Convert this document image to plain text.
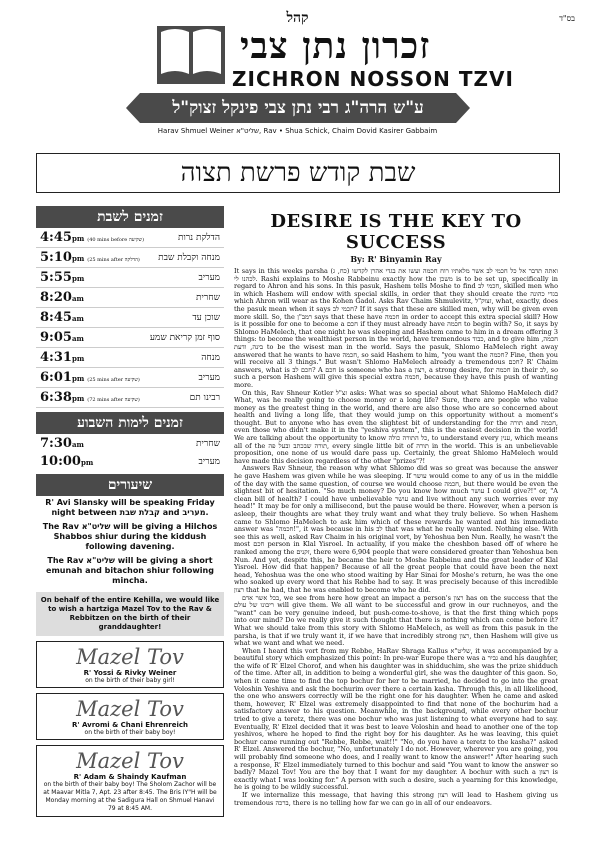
בס"ד
קהל
זכרון נתן צבי
ZICHRON NOSSON TZVI
ע"ש הרה"ג רבי נתן צבי פינקל זצוק"ל
Harav Shmuel Weiner שליט"א, Rav • Shua Schick, Chaim Dovid Kasirer Gabbaim
שבת קודש פרשת תצוה
זמנים לשבת
4:45pm (40 mins before שקיעה)	הדלקת נרות
5:10pm (25 mins after הדלקה) מנחה וקבלת שבת
5:55pm	מעריב
8:20am	שחרית
8:45am	שוכן עד
9:05am	סוף זמן קריאת שמע
4:31pm	מנחה
6:01pm (25 mins after שקיעה)	מעריב
6:38pm (72 mins after שקיעה)	רבינו תם
זמנים לימות השבוע
7:30am	שחרית
10:00pm	מעריב
שיעורים

R' Avi Slansky will be speaking Friday night between קבלת שבת and מעריב.

The Rav שליט"א will be giving a Hilchos Shabbos shiur during the kiddush following davening.

The Rav שליט"א will be giving a short emunah and bitachon shiur following mincha.

On behalf of the entire Kehilla, we would like to wish a hartziga Mazel Tov to the Rav & Rebbitzen on the birth of their granddaughter!
Mazel Tov
R' Yossi & Rivky Weiner
on the birth of their baby girl!
Mazel Tov
R' Avromi & Chani Ehrenreich
on the birth of their baby boy!
Mazel Tov
R' Adam & Shaindy Kaufman
on the birth of their baby boy! The Sholom Zachor will be at Maavar Mitla 7, Apt. 23 after 8:45. The Bris IY"H will be Monday morning at the Sadigura Hall on Shmuel Hanavi 79 at 8:45 AM.
DESIRE IS THE KEY TO SUCCESS
By: R' Binyamin Ray

It says in this weeks parsha (כח, ג) ואתה תדבר אל כל חכמי לב אשר מלאתיו רוח חכמה ועשו את בגדי אהרן לקדשו לכהנו לי. Rashi explains to Moshe Rabbeinu exactly how the משכן is to be set up, specifically in regard to Ahron and his sons. In this pasuk, Hashem tells Moshe to find חכמי לב, skilled men who in which Hashem will endow with special skills, in order that they should create the בגדי כהונה which Ahron will wear as the Kohen Gadol. Asks Rav Chaim Shmulevitz, זצוק"ל, what, exactly, does the pasuk mean when it says חכמי לב? If it says that these are skilled men, why will be given even more skill. So, the רמב"ן says that these have חכמה in order to accept this extra special skill? How is it possible for one to become a חכם if they must already have חכמה to begin with? So, it says by Shlomo HaMelech, that one night he was sleeping and Hashem came to him in a dream offering 3 things: to become the wealthiest person in the world, have tremendous כבוד, and to give him חכמה, בינה, ודעת to be the wisest man in the world. Says the pasuk, Shlomo HaMelech right away answered that he wants to have חכמה, so said Hashem to him, "you want the חכמה? Fine, then you will receive all 3 things." But wasn't Shlomo HaMelech already a tremendous חכם? R' Chaim answers, what is חכם לב? A חכם is someone who has a רצון, a strong desire, for חכמה in their לב, so such a person Hashem will give this special extra חכמה, because they have this push of wanting more.

On this, Rav Shneur Kotler זצ"ל asks: What was so special about what Shlomo HaMelech did? What, was he really going to choose money or a long life? Sure, there are people who value money as the greatest thing in the world, and there are also those who are so concerned about health and living a long life, that they would jump on this opportunity without a moment's thought. But to anyone who has even the slightest bit of understanding for the תורה and חכמה, even those who didn't make it in the "yeshiva system", this is the easiest decision in the world! We are talking about the opportunity to know כל התורה כולה, to understand every ענין, which means all of the תורה שבכתב ובעל פה, every single little bit of תורה in the world. This is an unbelievable proposition, one none of us would dare pass up. Certainly, the great Shlomo HaMelech would have made this decision regardless of the other "prizes"?!

Answers Rav Shneur, the reason why what Shlomo did was so great was because the answer he gave Hashem was given while he was sleeping. If עושר would come to any of us in the middle of the day with the same question, of course we would choose חכמה, but there would be even the slightest bit of hesitation. "So much money? Do you know how much עושר I could give?!" or, "A clean bill of health? I could have unbelievable עושר and live without any such worries ever my head!" It may be for only a millisecond, but the pause would be there. However, when a person is asleep, their thoughts are what they truly want and what they truly believe. So when Hashem came to Shlomo HaMelech to ask him which of these rewards he wanted and his immediate answer was "חכמה!", it was because in his לב that was what he really wanted. Nothing else. With see this as well, asked Rav Chaim in his original vort, by Yehoshua ben Nun. Really, he wasn't the most חכם person in Klal Yisroel. In actuality, if you make the cheshbon based off of where he ranked among the זקנים, there were 6,904 people that were considered greater than Yehoshua ben Nun. And yet, despite this, he became the heir to Moshe Rabbeinu and the great leader of Klal Yisroel. How did that happen? Because of all the great people that could have been the next head, Yehoshua was the one who stood waiting by Har Sinai for Moshe's return, he was the one who soaked up every word that his Rebbe had to say. It was precisely because of this incredible רצון that he had, that he was enabled to become who he did.

בכל אשר אדם, we see from here how great an impact a person's רצון has on the success that the ריבונו של עולם will give them. We all want to be successful and grow in our ruchneyos, and the "want" can be very genuine indeed, but push-come-to-shove, is that the first thing which pops into our mind? Do we really give it such thought that there is nothing which can come before it? What we should take from this story with Shlomo HaMelech, as well as from this pasuk in the parsha, is that if we truly want it, if we have that incredibly strong רצון, then Hashem will give us what we want and what we need.

When I heard this vort from my Rebbe, HaRav Shraga Kallus שליט"א, it was accompanied by a beautiful story which emphasized this point: In pre-war Europe there was a גביר and his daughter, the wife of R' Elzel Chorof, and when his daughter was in shidduchim, she was the prize shidduch of the time. After all, in addition to being a wonderful girl, she was the daughter of this gaon. So, when it came time to find the top bochur for her to be married, he decided to go into the great Voloshin Yeshiva and ask the bochurim over there a certain kasha. Through this, in all likelihood, the one who answers correctly will be the right one for his daughter. When he came and asked them, however, R' Elzel was extremely disappointed to find that none of the bochurim had a satisfactory answer to his question. Meanwhile, in the background, while every other bochur tried to give a teretz, there was one bochur who was just listening to what everyone had to say. Eventually, R' Elzel decided that it was best to leave Voloshin and head to another one of the top yeshivos, where he hoped to find the right boy for his daughter. As he was leaving, this quiet bochur came running out "Rebbe, Rebbe, wait!!" "No, do you have a teretz to the kasha?" asked R' Elzel. Answered the bochur, "No, unfortunately I do not. However, wherever you are going, you will probably find someone who does, and I really want to know the answer!" After hearing such a response, R' Elzel immediately turned to this bochur and said "You want to know the answer so badly? Mazel Tov! You are the boy that I want for my daughter. A bochur with such a רצון is exactly what I was looking for." A person with such a desire, such a yearning for this knowledge, he is going to be wildly successful.

If we internalize this message, that having this strong רצון will lead to Hashem giving us tremendous ברכה, there is no telling how far we can go in all of our endeavors.
